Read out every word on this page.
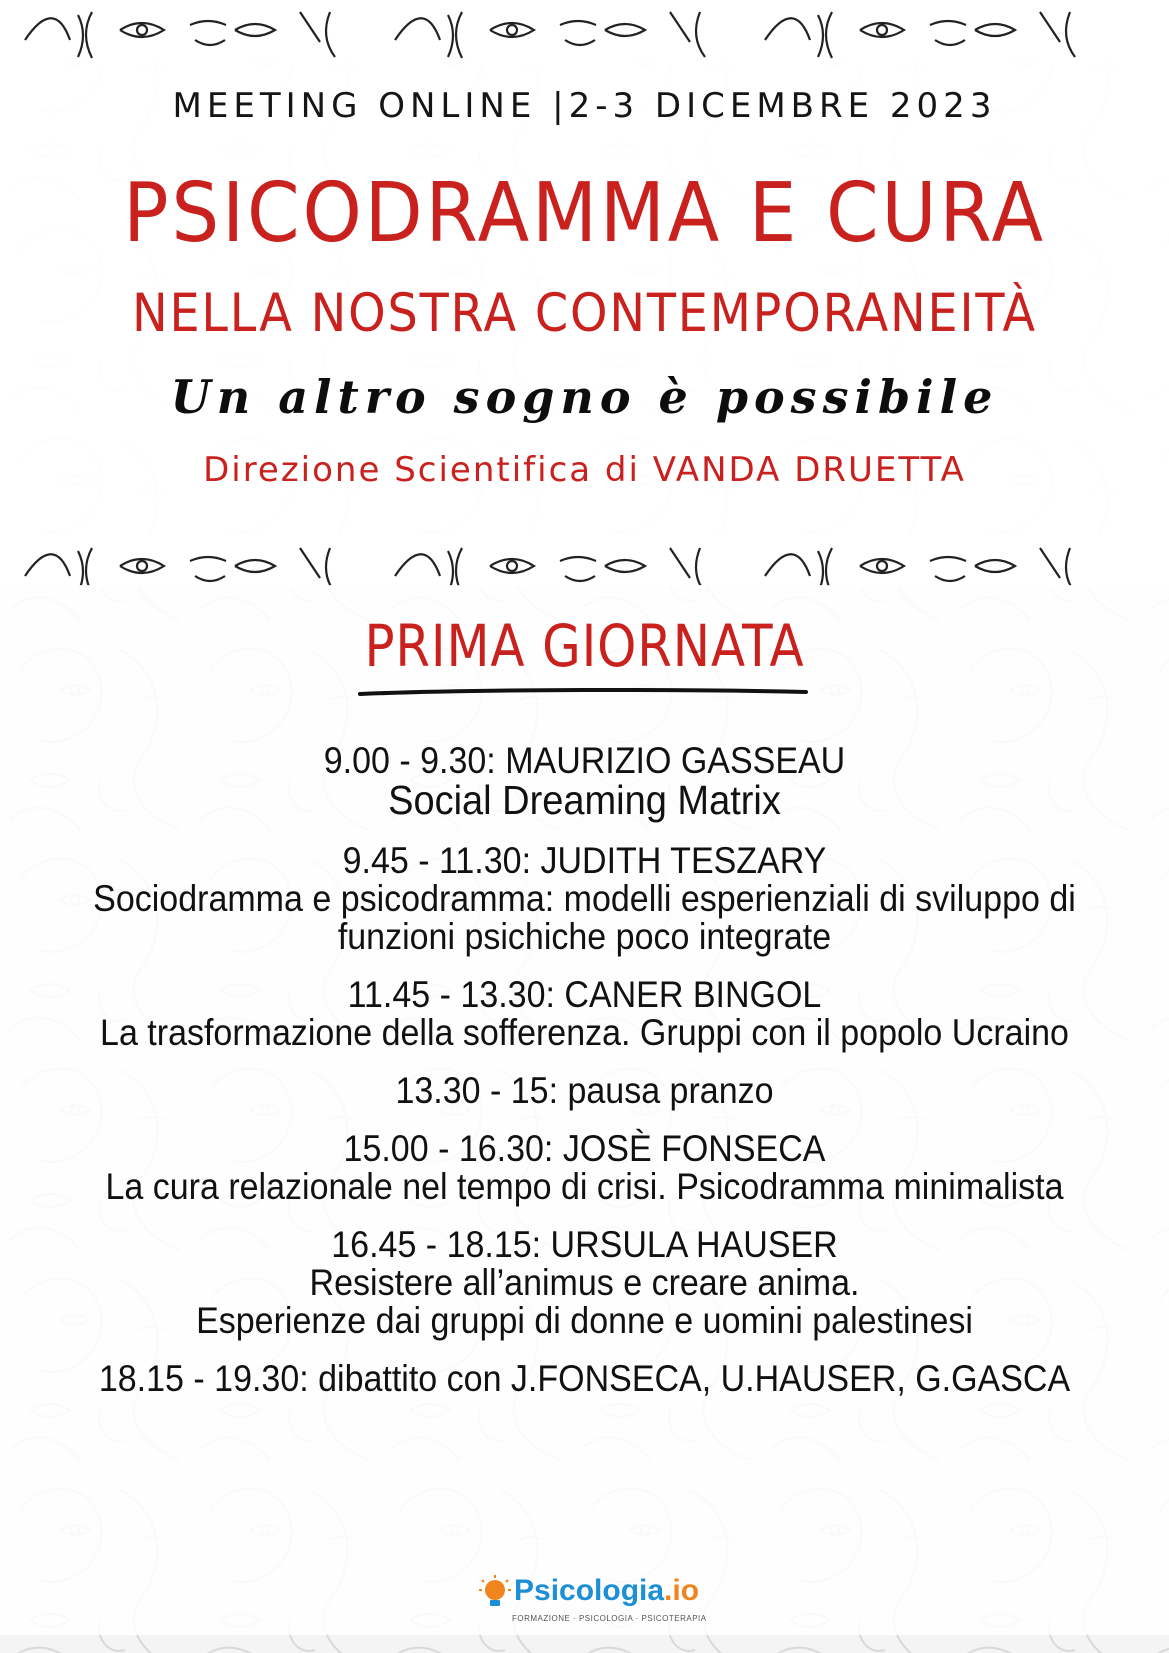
MEETING ONLINE |2-3 DICEMBRE 2023
PSICODRAMMA E CURA
NELLA NOSTRA CONTEMPORANEITÀ
Un altro sogno è possibile
Direzione Scientifica di VANDA DRUETTA
PRIMA GIORNATA
9.00 - 9.30: MAURIZIO GASSEAU
Social Dreaming Matrix
9.45 - 11.30: JUDITH TESZARY
Sociodramma e psicodramma: modelli esperienziali di sviluppo di
funzioni psichiche poco integrate
11.45 - 13.30: CANER BINGOL
La trasformazione della sofferenza. Gruppi con il popolo Ucraino
13.30 - 15: pausa pranzo
15.00 - 16.30: JOSÈ FONSECA
La cura relazionale nel tempo di crisi. Psicodramma minimalista
16.45 - 18.15: URSULA HAUSER
Resistere all’animus e creare anima.
Esperienze dai gruppi di donne e uomini palestinesi
18.15 - 19.30: dibattito con J.FONSECA, U.HAUSER, G.GASCA
Psicologia.io
FORMAZIONE · PSICOLOGIA · PSICOTERAPIA
